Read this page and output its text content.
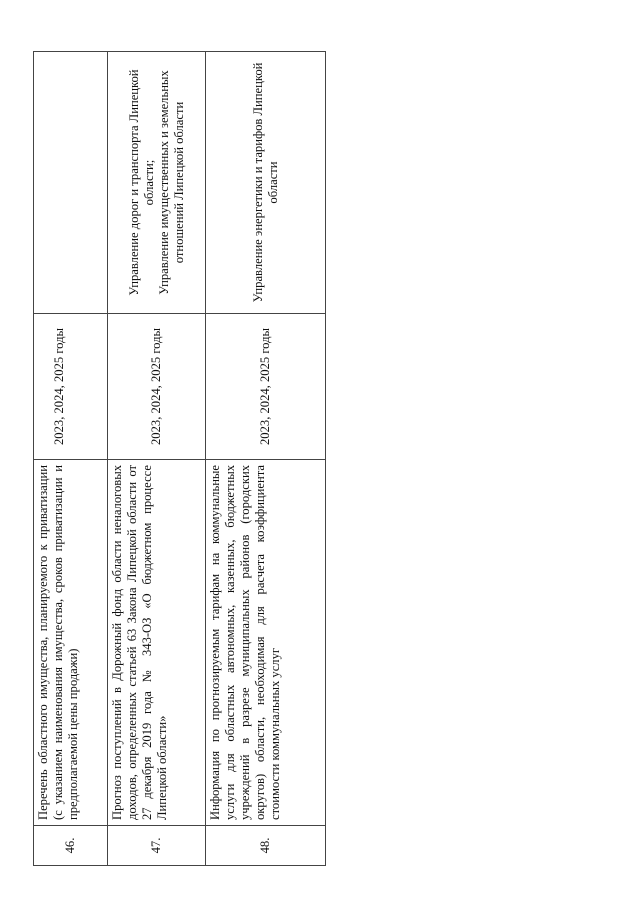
46.	Перечень областного имущества, планируемого к приватизации (с указанием наименования имущества, сроков приватизации и предполагаемой цены продажи)	2023, 2024, 2025 годы	

47.	Прогноз поступлений в Дорожный фонд области неналоговых доходов, определенных статьей 63 Закона Липецкой области от 27 декабря 2019 года № 343-ОЗ «О бюджетном процессе Липецкой области»	2023, 2024, 2025 годы	Управление дорог и транспорта Липецкой области; Управление имущественных и земельных отношений Липецкой области

48.	Информация по прогнозируемым тарифам на коммунальные услуги для областных автономных, казенных, бюджетных учреждений в разрезе муниципальных районов (городских округов) области, необходимая для расчета коэффициента стоимости коммунальных услуг	2023, 2024, 2025 годы	Управление энергетики и тарифов Липецкой области
